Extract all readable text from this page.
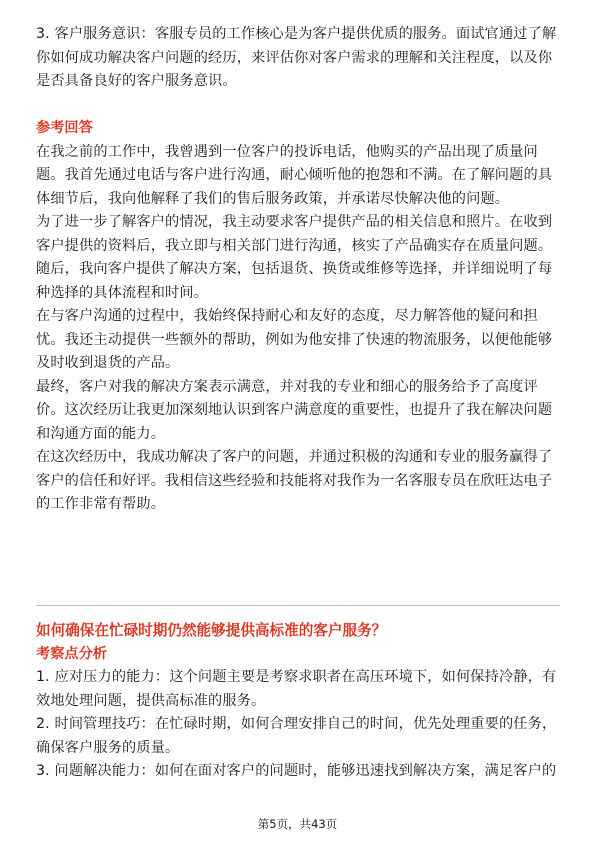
3. 客户服务意识：客服专员的工作核心是为客户提供优质的服务。面试官通过了解
你如何成功解决客户问题的经历，来评估你对客户需求的理解和关注程度，以及你
是否具备良好的客户服务意识。
参考回答
在我之前的工作中，我曾遇到一位客户的投诉电话，他购买的产品出现了质量问
题。我首先通过电话与客户进行沟通，耐心倾听他的抱怨和不满。在了解问题的具
体细节后，我向他解释了我们的售后服务政策，并承诺尽快解决他的问题。
为了进一步了解客户的情况，我主动要求客户提供产品的相关信息和照片。在收到
客户提供的资料后，我立即与相关部门进行沟通，核实了产品确实存在质量问题。
随后，我向客户提供了解决方案，包括退货、换货或维修等选择，并详细说明了每
种选择的具体流程和时间。
在与客户沟通的过程中，我始终保持耐心和友好的态度，尽力解答他的疑问和担
忧。我还主动提供一些额外的帮助，例如为他安排了快速的物流服务，以便他能够
及时收到退货的产品。
最终，客户对我的解决方案表示满意，并对我的专业和细心的服务给予了高度评
价。这次经历让我更加深刻地认识到客户满意度的重要性，也提升了我在解决问题
和沟通方面的能力。
在这次经历中，我成功解决了客户的问题，并通过积极的沟通和专业的服务赢得了
客户的信任和好评。我相信这些经验和技能将对我作为一名客服专员在欣旺达电子
的工作非常有帮助。
如何确保在忙碌时期仍然能够提供高标准的客户服务？
考察点分析
1. 应对压力的能力：这个问题主要是考察求职者在高压环境下，如何保持冷静，有
效地处理问题，提供高标准的服务。
2. 时间管理技巧：在忙碌时期，如何合理安排自己的时间，优先处理重要的任务，
确保客户服务的质量。
3. 问题解决能力：如何在面对客户的问题时，能够迅速找到解决方案，满足客户的
第5页，共43页
